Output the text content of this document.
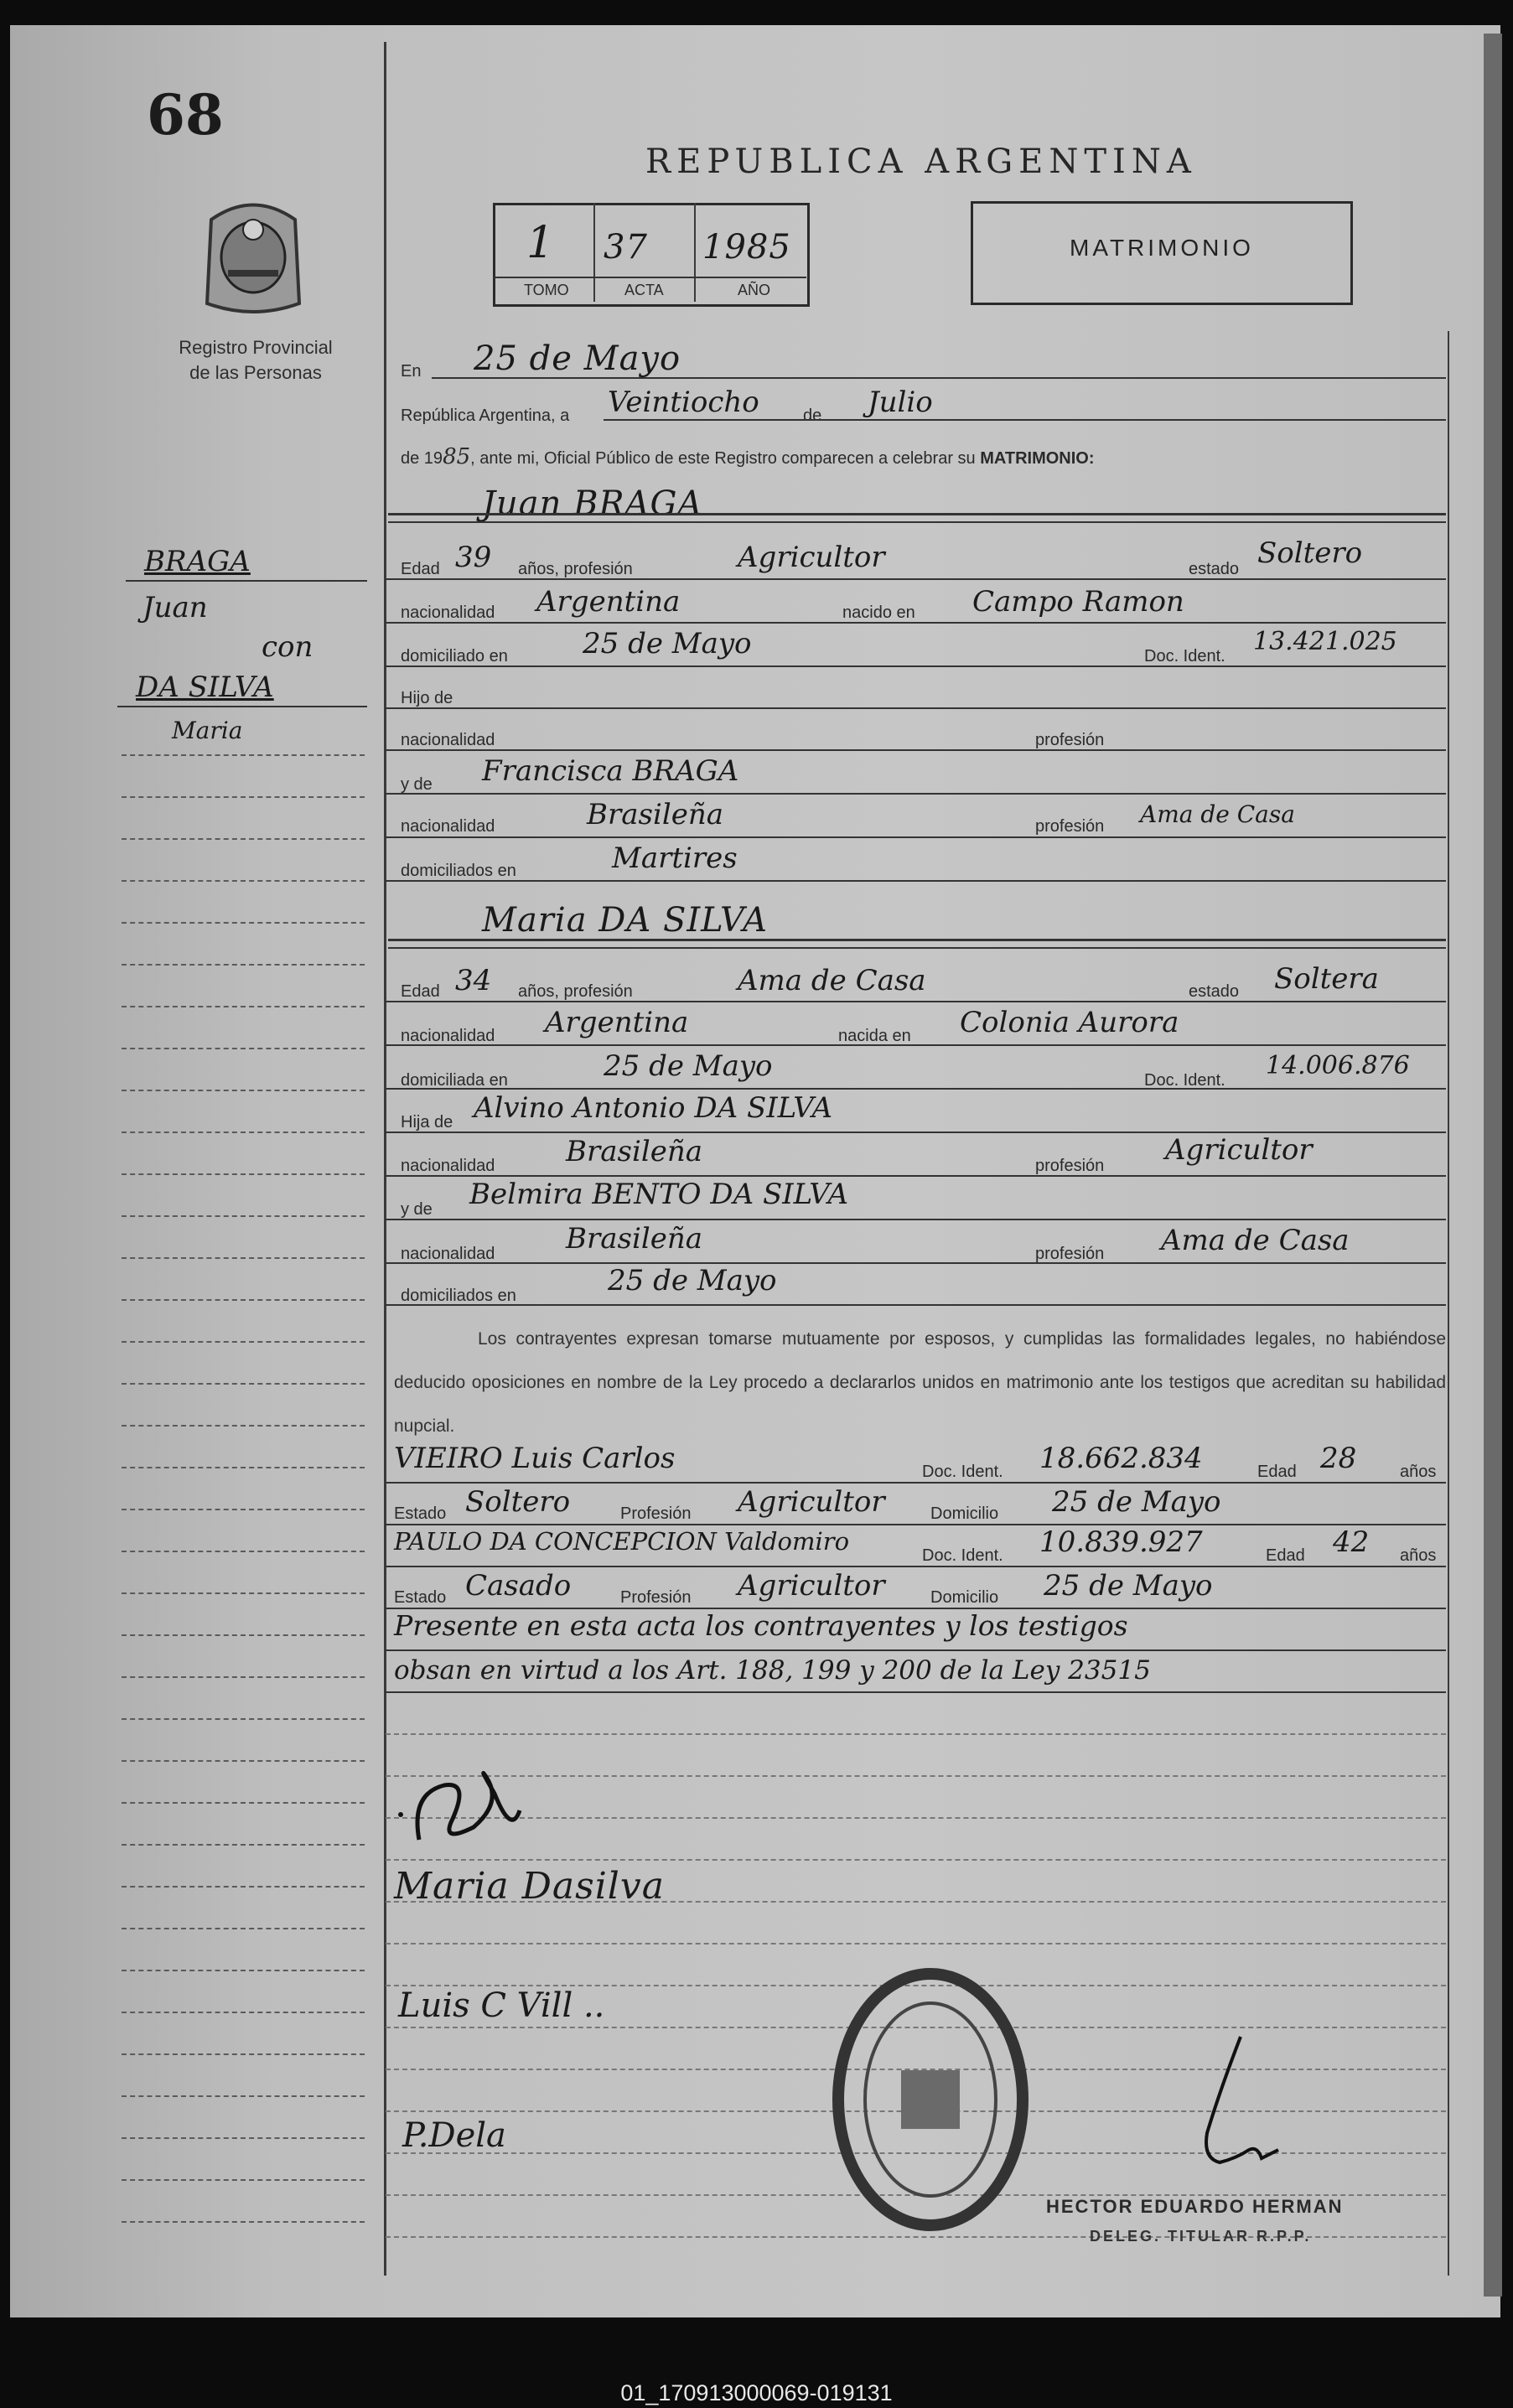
68
Registro Provincial
de las Personas
REPUBLICA ARGENTINA
1 37 1985
TOMO	ACTA	AÑO
MATRIMONIO
BRAGA
Juan
con
DA SILVA
Maria
En 25 de Mayo
República Argentina, a Veintiocho	de Julio
de 1985, ante mi, Oficial Público de este Registro comparecen a celebrar su MATRIMONIO:
Juan BRAGA
Edad 39 años, profesión	Agricultor	estado Soltero
nacionalidad Argentina	nacido en Campo Ramon
domiciliado en	25 de Mayo	Doc. Ident. 13.421.025
Hijo de
nacionalidad	profesión
y de Francisca BRAGA
nacionalidad	Brasileña	profesión Ama de Casa
domiciliados en	Martires
Maria DA SILVA
Edad 34 años, profesión	Ama de Casa	estado Soltera
nacionalidad Argentina	nacida en Colonia Aurora
domiciliada en	25 de Mayo	Doc. Ident. 14.006.876
Hija de Alvino Antonio DA SILVA
nacionalidad Brasileña	profesión Agricultor
y de Belmira BENTO DA SILVA
nacionalidad Brasileña	profesión Ama de Casa
domiciliados en	25 de Mayo
Los contrayentes expresan tomarse mutuamente por esposos, y cumplidas las formalidades legales, no habiéndose deducido oposiciones en nombre de la Ley procedo a declararlos unidos en matrimonio ante los testigos que acreditan su habilidad nupcial.
VIEIRO Luis Carlos	Doc. Ident. 18.662.834	Edad 28	años
Estado Soltero	Profesión Agricultor	Domicilio 25 de Mayo
PAULO DA CONCEPCION Valdomiro	Doc. Ident. 10.839.927	Edad 42 años
Estado Casado	Profesión Agricultor	Domicilio 25 de Mayo
Presente en esta acta los contrayentes y los testigos
obsan en virtud a los Art. 188, 199 y 200 de la Ley 23515
Maria Dasilva
Luis C Vill ..
P.Dela
HECTOR EDUARDO HERMAN
DELEG. TITULAR R.P.P.
01_170913000069-019131
